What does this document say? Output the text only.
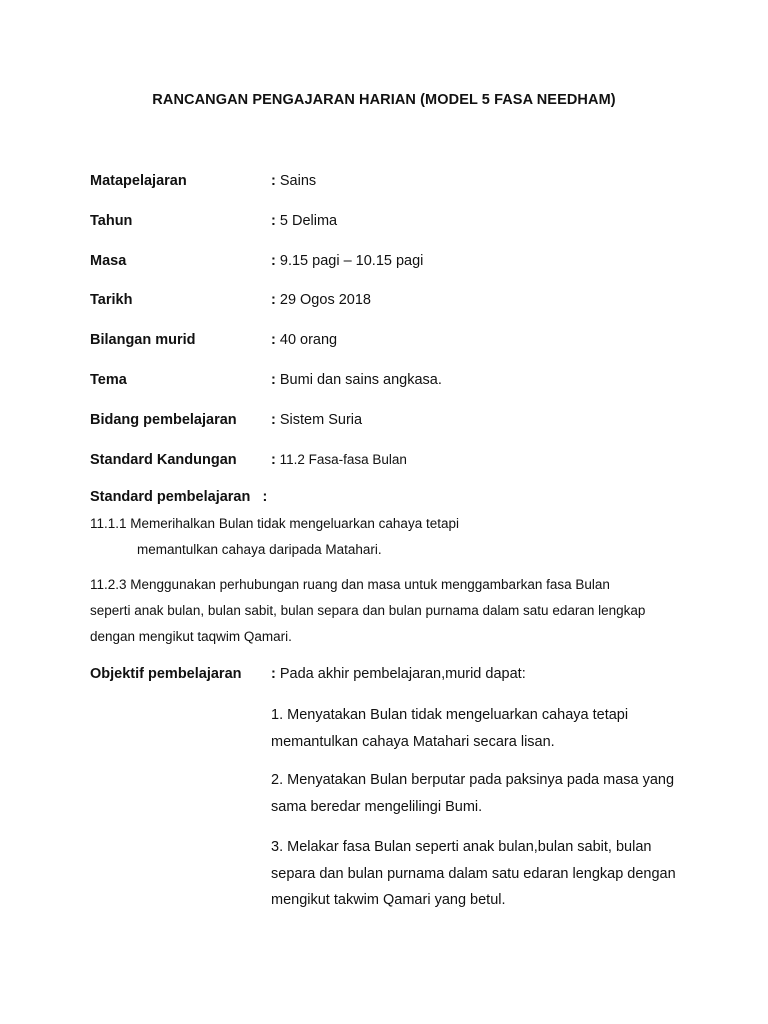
RANCANGAN PENGAJARAN HARIAN (MODEL 5 FASA NEEDHAM)
Matapelajaran	: Sains
Tahun	: 5 Delima
Masa	: 9.15 pagi – 10.15 pagi
Tarikh	: 29 Ogos 2018
Bilangan murid	: 40 orang
Tema	: Bumi dan sains angkasa.
Bidang pembelajaran : Sistem Suria
Standard Kandungan : 11.2 Fasa-fasa Bulan
Standard pembelajaran   :
11.1.1 Memerihalkan Bulan tidak mengeluarkan cahaya tetapi
memantulkan cahaya daripada Matahari.
11.2.3 Menggunakan perhubungan ruang dan masa untuk menggambarkan fasa Bulan seperti anak bulan, bulan sabit, bulan separa dan bulan purnama dalam satu edaran lengkap dengan mengikut taqwim Qamari.
Objektif pembelajaran : Pada akhir pembelajaran,murid dapat:
1. Menyatakan Bulan tidak mengeluarkan cahaya tetapi memantulkan cahaya Matahari secara lisan.
2. Menyatakan Bulan berputar pada paksinya pada masa yang sama beredar mengelilingi Bumi.
3. Melakar fasa Bulan seperti anak bulan,bulan sabit, bulan separa dan bulan purnama dalam satu edaran lengkap dengan mengikut takwim Qamari yang betul.
